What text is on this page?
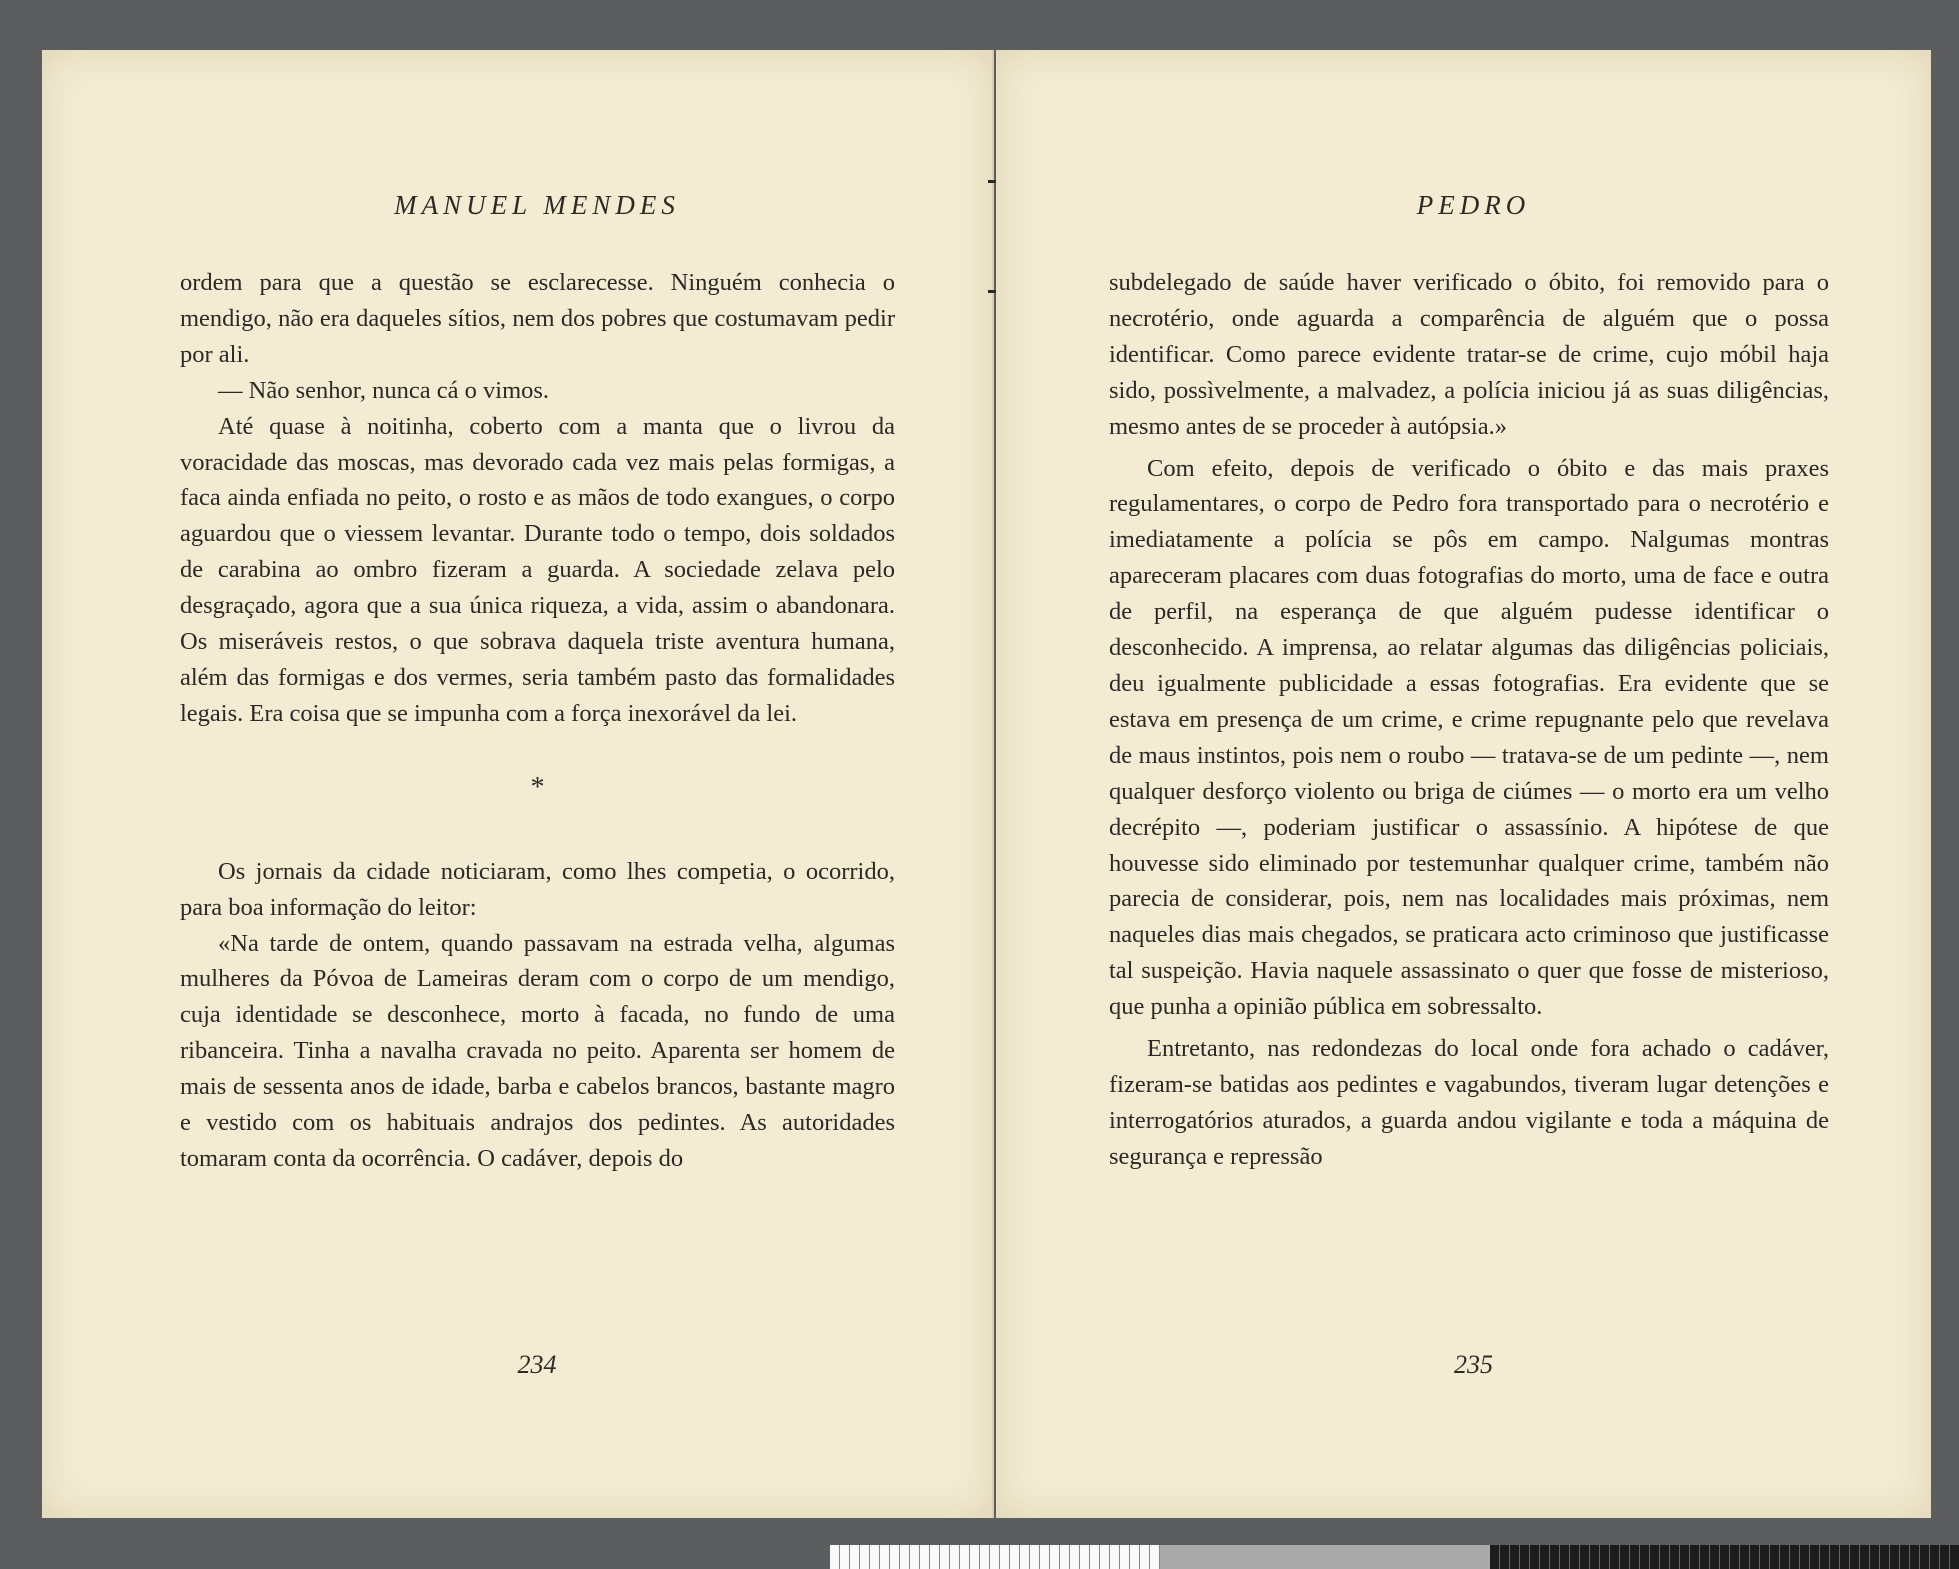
MANUEL MENDES

ordem para que a questão se esclarecesse. Ninguém conhecia o mendigo, não era daqueles sítios, nem dos pobres que costumavam pedir por ali.

— Não senhor, nunca cá o vimos.

Até quase à noitinha, coberto com a manta que o livrou da voracidade das moscas, mas devorado cada vez mais pelas formigas, a faca ainda enfiada no peito, o rosto e as mãos de todo exangues, o corpo aguardou que o viessem levantar. Durante todo o tempo, dois soldados de carabina ao ombro fizeram a guarda. A sociedade zelava pelo desgraçado, agora que a sua única riqueza, a vida, assim o abandonara. Os miseráveis restos, o que sobrava daquela triste aventura humana, além das formigas e dos vermes, seria também pasto das formalidades legais. Era coisa que se impunha com a força inexorável da lei.

*

Os jornais da cidade noticiaram, como lhes competia, o ocorrido, para boa informação do leitor:

«Na tarde de ontem, quando passavam na estrada velha, algumas mulheres da Póvoa de Lameiras deram com o corpo de um mendigo, cuja identidade se desconhece, morto à facada, no fundo de uma ribanceira. Tinha a navalha cravada no peito. Aparenta ser homem de mais de sessenta anos de idade, barba e cabelos brancos, bastante magro e vestido com os habituais andrajos dos pedintes. As autoridades tomaram conta da ocorrência. O cadáver, depois do

234
PEDRO

subdelegado de saúde haver verificado o óbito, foi removido para o necrotério, onde aguarda a comparência de alguém que o possa identificar. Como parece evidente tratar-se de crime, cujo móbil haja sido, possìvelmente, a malvadez, a polícia iniciou já as suas diligências, mesmo antes de se proceder à autópsia.»

Com efeito, depois de verificado o óbito e das mais praxes regulamentares, o corpo de Pedro fora transportado para o necrotério e imediatamente a polícia se pôs em campo. Nalgumas montras apareceram placares com duas fotografias do morto, uma de face e outra de perfil, na esperança de que alguém pudesse identificar o desconhecido. A imprensa, ao relatar algumas das diligências policiais, deu igualmente publicidade a essas fotografias. Era evidente que se estava em presença de um crime, e crime repugnante pelo que revelava de maus instintos, pois nem o roubo — tratava-se de um pedinte —, nem qualquer desforço violento ou briga de ciúmes — o morto era um velho decrépito —, poderiam justificar o assassínio. A hipótese de que houvesse sido eliminado por testemunhar qualquer crime, também não parecia de considerar, pois, nem nas localidades mais próximas, nem naqueles dias mais chegados, se praticara acto criminoso que justificasse tal suspeição. Havia naquele assassinato o quer que fosse de misterioso, que punha a opinião pública em sobressalto.

Entretanto, nas redondezas do local onde fora achado o cadáver, fizeram-se batidas aos pedintes e vagabundos, tiveram lugar detenções e interrogatórios aturados, a guarda andou vigilante e toda a máquina de segurança e repressão

235
